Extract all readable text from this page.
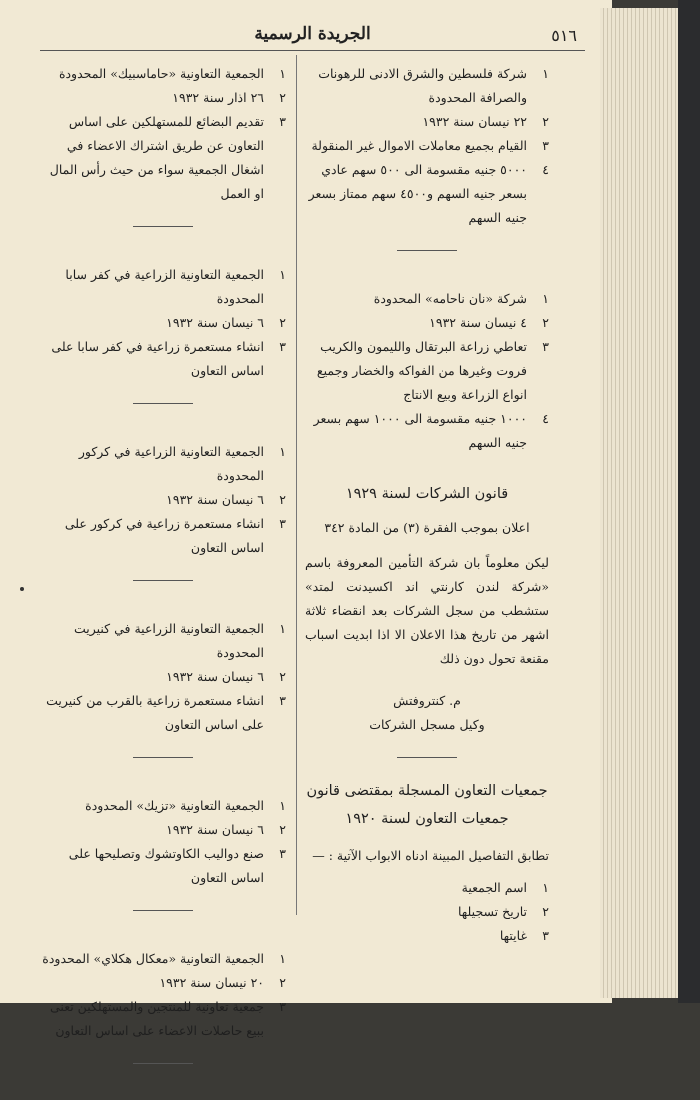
الجريدة الرسمية	٥١٦
١
شركة فلسطين والشرق الادنى للرهونات والصرافة المحدودة
٢
٢٢ نيسان سنة ١٩٣٢
٣
القيام بجميع معاملات الاموال غير المنقولة
٤
٥٠٠٠ جنيه مقسومة الى ٥٠٠ سهم عادي بسعر جنيه السهم و٤٥٠٠ سهم ممتاز بسعر جنيه السهم
١
شركة «نان ناحامه» المحدودة
٢
٤ نيسان سنة ١٩٣٢
٣
تعاطي زراعة البرتقال والليمون والكريب فروت وغيرها من الفواكه والخضار وجميع انواع الزراعة وبيع الانتاج
٤
١٠٠٠ جنيه مقسومة الى ١٠٠٠ سهم بسعر جنيه السهم
قانون الشركات لسنة ١٩٢٩
اعلان بموجب الفقرة (٣) من المادة ٣٤٢
ليكن معلوماً بان شركة التأمين المعروفة باسم «شركة لندن كارنتي اند اكسيدنت لمتد» ستشطب من سجل الشركات بعد انقضاء ثلاثة اشهر من تاريخ هذا الاعلان الا اذا ابديت اسباب مقنعة تحول دون ذلك
م. كنتروفتش
وكيل مسجل الشركات
جمعيات التعاون المسجلة بمقتضى قانون
جمعيات التعاون لسنة ١٩٢٠
تطابق التفاصيل المبينة ادناه الابواب الآتية : —
١
اسم الجمعية
٢
تاريخ تسجيلها
٣
غايتها
١
الجمعية التعاونية «حاماسبيك» المحدودة
٢
٢٦ اذار سنة ١٩٣٢
٣
تقديم البضائع للمستهلكين على اساس التعاون عن طريق اشتراك الاعضاء في اشغال الجمعية سواء من حيث رأس المال او العمل
١
الجمعية التعاونية الزراعية في كفر سابا المحدودة
٢
٦ نيسان سنة ١٩٣٢
٣
انشاء مستعمرة زراعية في كفر سابا على اساس التعاون
١
الجمعية التعاونية الزراعية في كركور المحدودة
٢
٦ نيسان سنة ١٩٣٢
٣
انشاء مستعمرة زراعية في كركور على اساس التعاون
١
الجمعية التعاونية الزراعية في كنيريت المحدودة
٢
٦ نيسان سنة ١٩٣٢
٣
انشاء مستعمرة زراعية بالقرب من كنيريت على اساس التعاون
١
الجمعية التعاونية «تزيك» المحدودة
٢
٦ نيسان سنة ١٩٣٢
٣
صنع دواليب الكاوتشوك وتصليحها على اساس التعاون
١
الجمعية التعاونية «معكال هكلاي» المحدودة
٢
٢٠ نيسان سنة ١٩٣٢
٣
جمعية تعاونية للمنتجين والمستهلكين تعنى ببيع حاصلات الاعضاء على اساس التعاون
